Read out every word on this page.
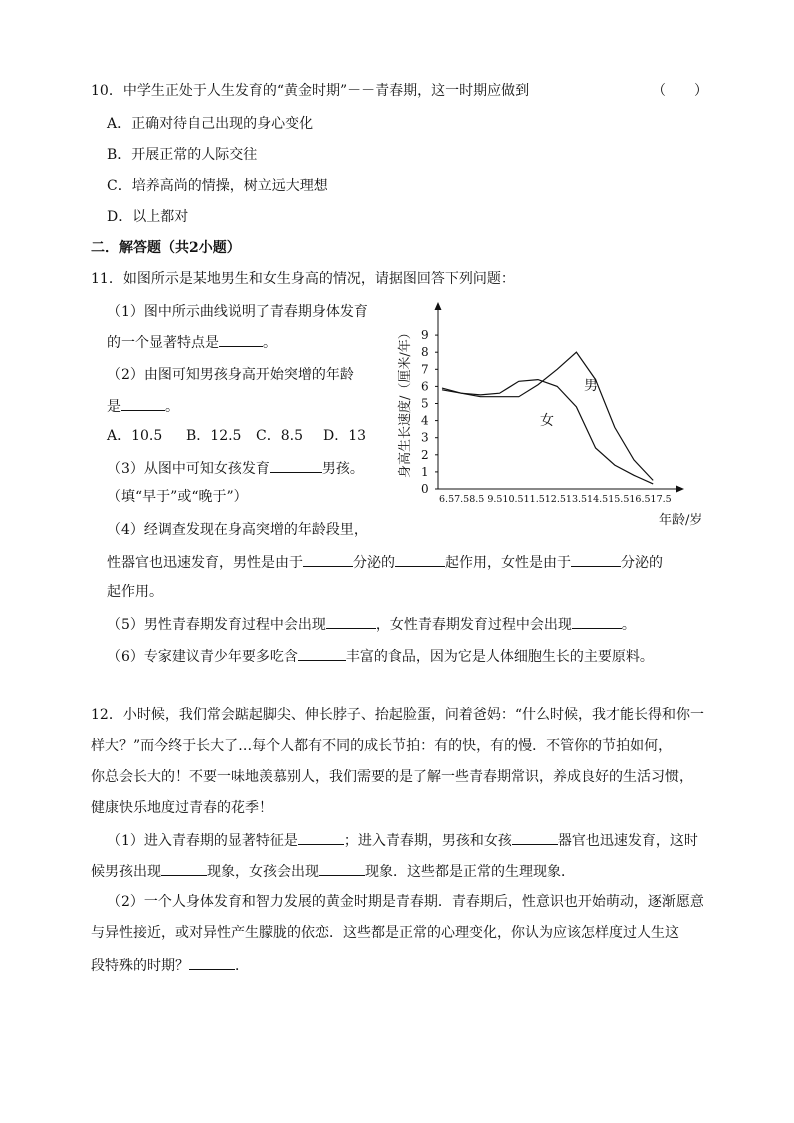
10．中学生正处于人生发育的“黄金时期”－－青春期，这一时期应做到	（　　）
A．正确对待自己出现的身心变化
B．开展正常的人际交往
C．培养高尚的情操，树立远大理想
D．以上都对
二．解答题（共2小题）
11．如图所示是某地男生和女生身高的情况，请据图回答下列问题：
（1）图中所示曲线说明了青春期身体发育
的一个显著特点是	。
（2）由图可知男孩身高开始突增的年龄
是	。
A．10.5 B．12.5 C．8.5 D．13
（3）从图中可知女孩发育	男孩。
（填“早于”或“晚于”）
（4）经调查发现在身高突增的年龄段里，
性器官也迅速发育，男性是由于	分泌的	起作用，女性是由于	分泌的
起作用。
（5）男性青春期发育过程中会出现	，女性青春期发育过程中会出现	。
（6）专家建议青少年要多吃含	丰富的食品，因为它是人体细胞生长的主要原料。
身高生长速度/（厘米/年）
0
1
2
3
4
5
6
7
8
9
6.57.58.5 9.510.511.512.513.514.515.516.517.5
年龄/岁
男
女
12．小时候，我们常会踮起脚尖、伸长脖子、抬起脸蛋，问着爸妈：“什么时候，我才能长得和你一
样大？”而今终于长大了…每个人都有不同的成长节拍：有的快，有的慢．不管你的节拍如何，
你总会长大的！不要一味地羡慕别人，我们需要的是了解一些青春期常识，养成良好的生活习惯，
健康快乐地度过青春的花季！
（1）进入青春期的显著特征是	；进入青春期，男孩和女孩	器官也迅速发育，这时
候男孩出现	现象，女孩会出现	现象．这些都是正常的生理现象．
（2）一个人身体发育和智力发展的黄金时期是青春期．青春期后，性意识也开始萌动，逐渐愿意
与异性接近，或对异性产生朦胧的依恋．这些都是正常的心理变化，你认为应该怎样度过人生这
段特殊的时期？	．
